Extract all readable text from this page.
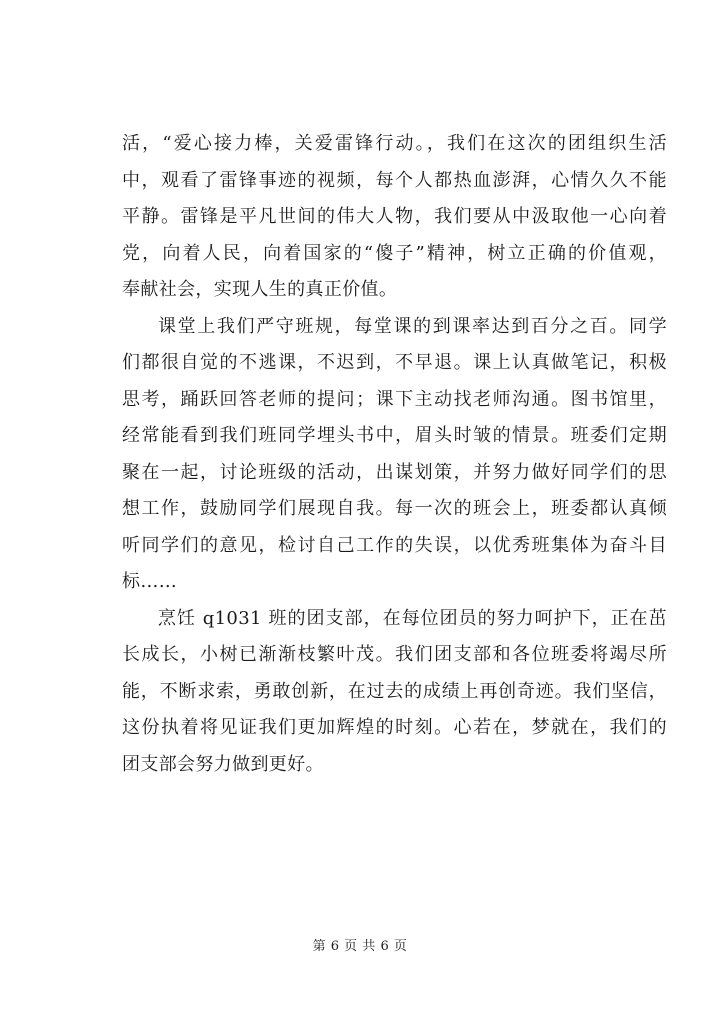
活，“爱心接力棒，关爱雷锋行动。，我们在这次的团组织生活
中，观看了雷锋事迹的视频，每个人都热血澎湃，心情久久不能
平静。雷锋是平凡世间的伟大人物，我们要从中汲取他一心向着
党，向着人民，向着国家的“傻子”精神，树立正确的价值观，
奉献社会，实现人生的真正价值。
课堂上我们严守班规，每堂课的到课率达到百分之百。同学
们都很自觉的不逃课，不迟到，不早退。课上认真做笔记，积极
思考，踊跃回答老师的提问；课下主动找老师沟通。图书馆里，
经常能看到我们班同学埋头书中，眉头时皱的情景。班委们定期
聚在一起，讨论班级的活动，出谋划策，并努力做好同学们的思
想工作，鼓励同学们展现自我。每一次的班会上，班委都认真倾
听同学们的意见，检讨自己工作的失误，以优秀班集体为奋斗目
标……
烹饪 q1031 班的团支部，在每位团员的努力呵护下，正在茁
长成长，小树已渐渐枝繁叶茂。我们团支部和各位班委将竭尽所
能，不断求索，勇敢创新，在过去的成绩上再创奇迹。我们坚信，
这份执着将见证我们更加辉煌的时刻。心若在，梦就在，我们的
团支部会努力做到更好。
第 6 页 共 6 页
